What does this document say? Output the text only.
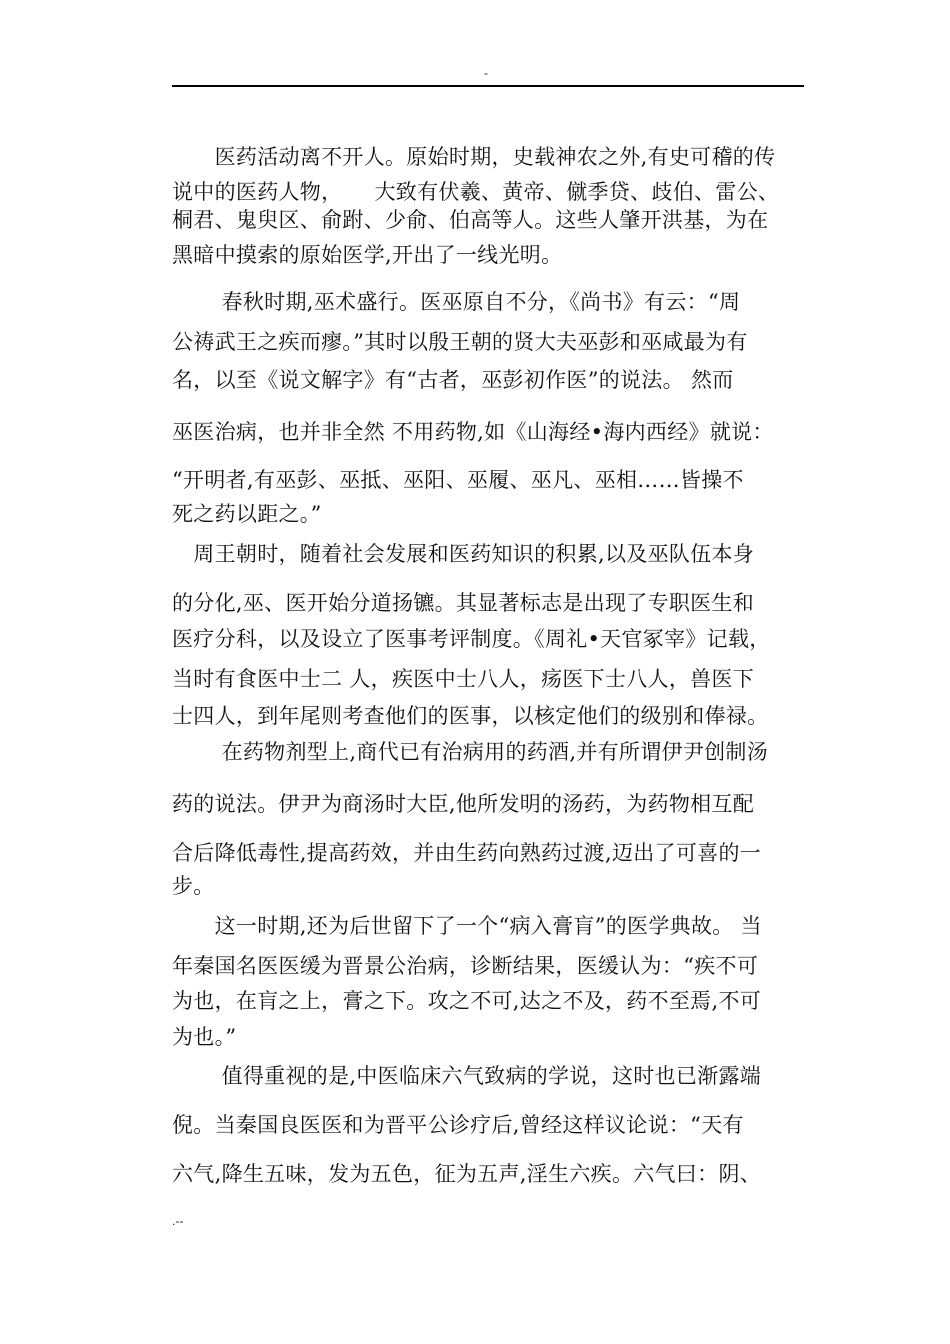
-
　　医药活动离不开人。原始时期，史载神农之外,有史可稽的传
说中的医药人物，　　大致有伏羲、黄帝、僦季贷、歧伯、雷公、
桐君、鬼臾区、俞跗、少俞、伯高等人。这些人肇开洪基，为在
黑暗中摸索的原始医学,开出了一线光明。
　　 春秋时期,巫术盛行。医巫原自不分，《尚书》有云：“周
公祷武王之疾而瘳。”其时以殷王朝的贤大夫巫彭和巫咸最为有
名，以至《说文解字》有“古者，巫彭初作医”的说法。 然而
巫医治病，也并非全然 不用药物,如《山海经•海内西经》就说：
“开明者,有巫彭、巫抵、巫阳、巫履、巫凡、巫相……皆操不
死之药以距之。”
　周王朝时，随着社会发展和医药知识的积累,以及巫队伍本身
的分化,巫、医开始分道扬镳。其显著标志是出现了专职医生和
医疗分科，以及设立了医事考评制度。《周礼•天官冢宰》记载，
当时有食医中士二 人，疾医中士八人，疡医下士八人，兽医下
士四人，到年尾则考查他们的医事，以核定他们的级别和俸禄。
　　 在药物剂型上,商代已有治病用的药酒,并有所谓伊尹创制汤
药的说法。伊尹为商汤时大臣,他所发明的汤药，为药物相互配
合后降低毒性,提高药效，并由生药向熟药过渡,迈出了可喜的一
步。
　　这一时期,还为后世留下了一个“病入膏肓”的医学典故。 当
年秦国名医医缓为晋景公治病，诊断结果，医缓认为：“疾不可
为也，在肓之上，膏之下。攻之不可,达之不及，药不至焉,不可
为也。”
　　 值得重视的是,中医临床六气致病的学说，这时也已渐露端
倪。当秦国良医医和为晋平公诊疗后,曾经这样议论说：“天有
六气,降生五味，发为五色，征为五声,淫生六疾。六气曰：阴、
.--
